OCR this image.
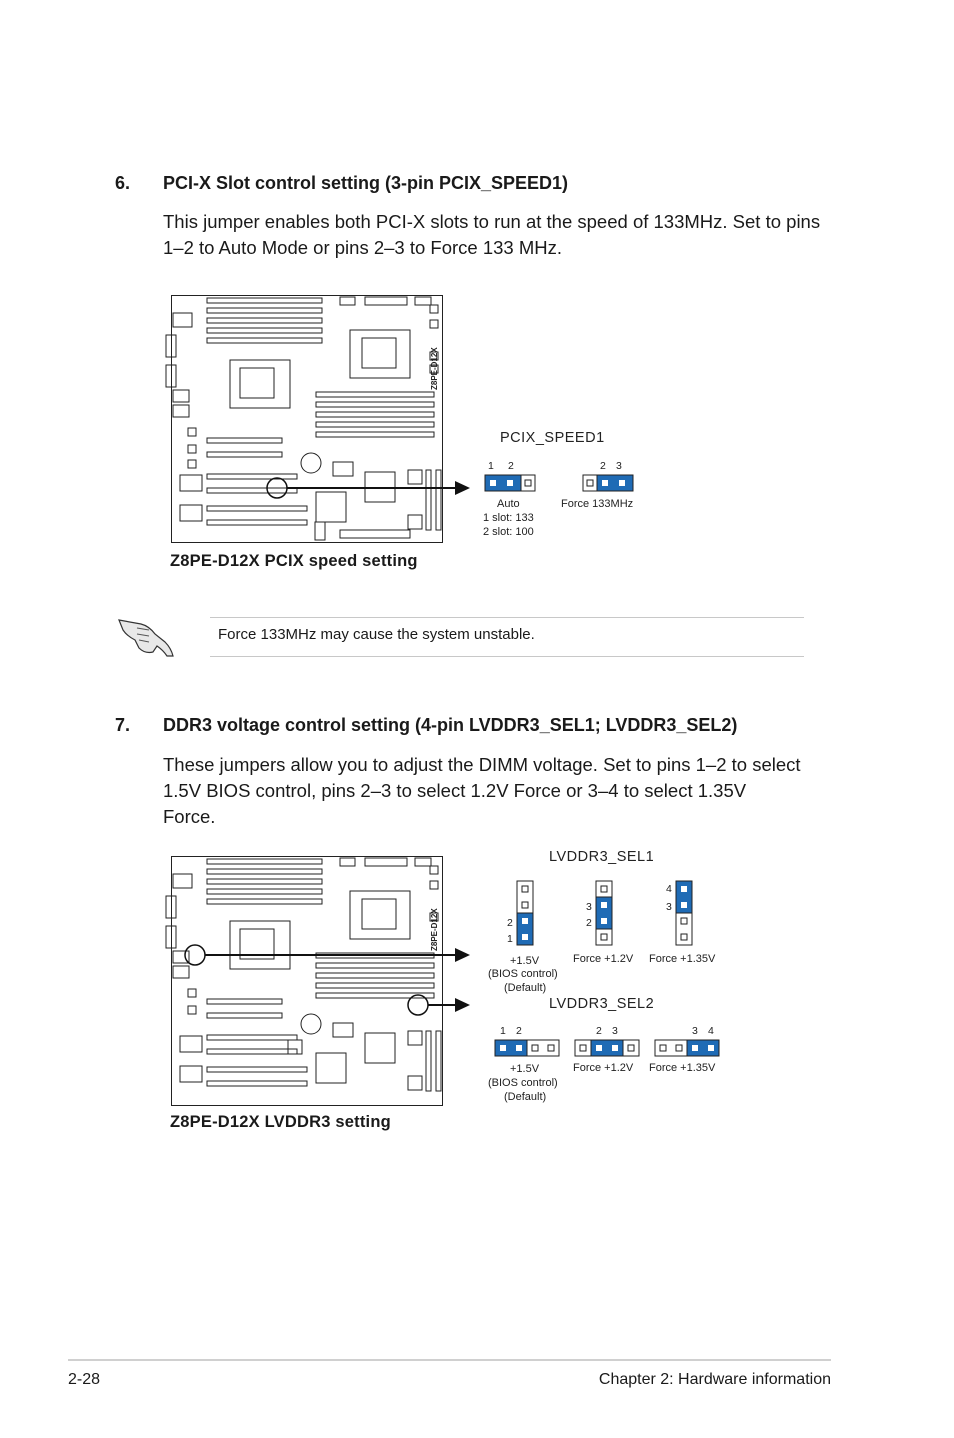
6. PCI-X Slot control setting (3-pin PCIX_SPEED1)
This jumper enables both PCI-X slots to run at the speed of 133MHz. Set to pins 1–2 to Auto Mode or pins 2–3 to Force 133 MHz.
Z8PE-D12X
PCIX_SPEED1
1 2
Auto
1 slot: 133
2 slot: 100
2 3
Force 133MHz
Z8PE-D12X PCIX speed setting
Force 133MHz may cause the system unstable.
7. DDR3 voltage control setting (4-pin LVDDR3_SEL1; LVDDR3_SEL2)
These jumpers allow you to adjust the DIMM voltage. Set to pins 1–2 to select 1.5V BIOS control, pins 2–3 to select 1.2V Force or 3–4 to select 1.35V Force.
Z8PE-D12X
LVDDR3_SEL1
2
1
3
2
4
3
+1.5V
(BIOS control)
(Default)
Force +1.2V Force +1.35V
LVDDR3_SEL2
1 2	2 3	3 4
+1.5V
(BIOS control)
(Default)
Force +1.2V Force +1.35V
Z8PE-D12X LVDDR3 setting
2-28	Chapter 2: Hardware information
